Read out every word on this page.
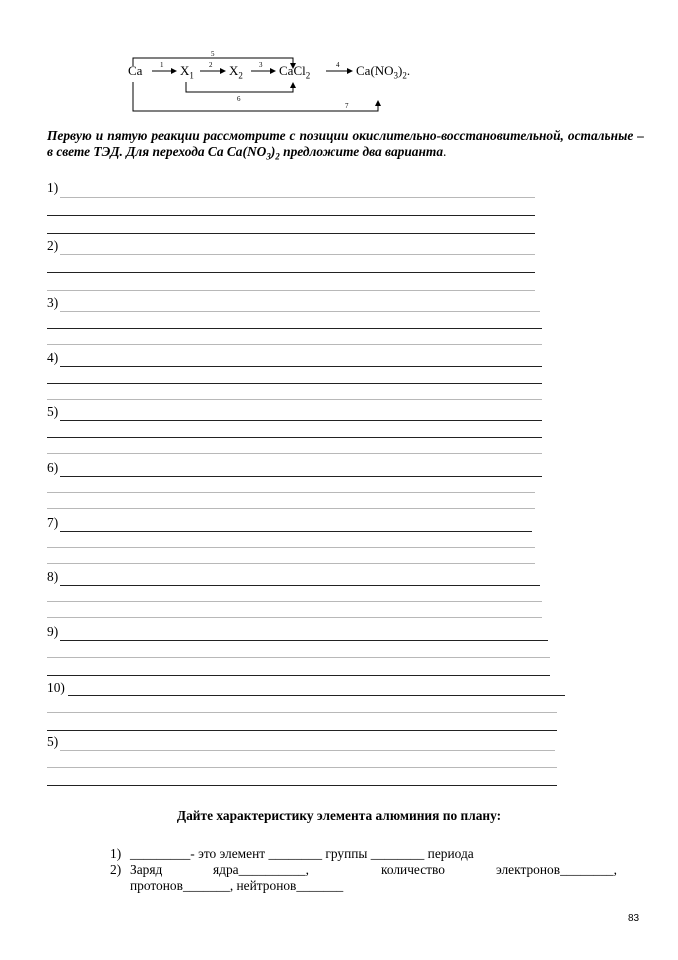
Ca	$X_1$	$X_2$	CaCl$_2$	$Ca(NO_3)_2$.
5
1	2	3	4
6
7
Первую и пятую реакции рассмотрите с позиции окислительно-восстановительной, остальные – в свете ТЭД. Для перехода Ca $Ca(NO_3)_2$ предложите два варианта.
1)
2)
3)
4)
5)
6)
7)
8)
9)
10)
5)
Дайте характеристику элемента алюминия по плану:
1) _________- это элемент ________ группы ________ периода
2) Заряд	ядра__________,	количество	электронов________,
протонов_______, нейтронов_______
83
